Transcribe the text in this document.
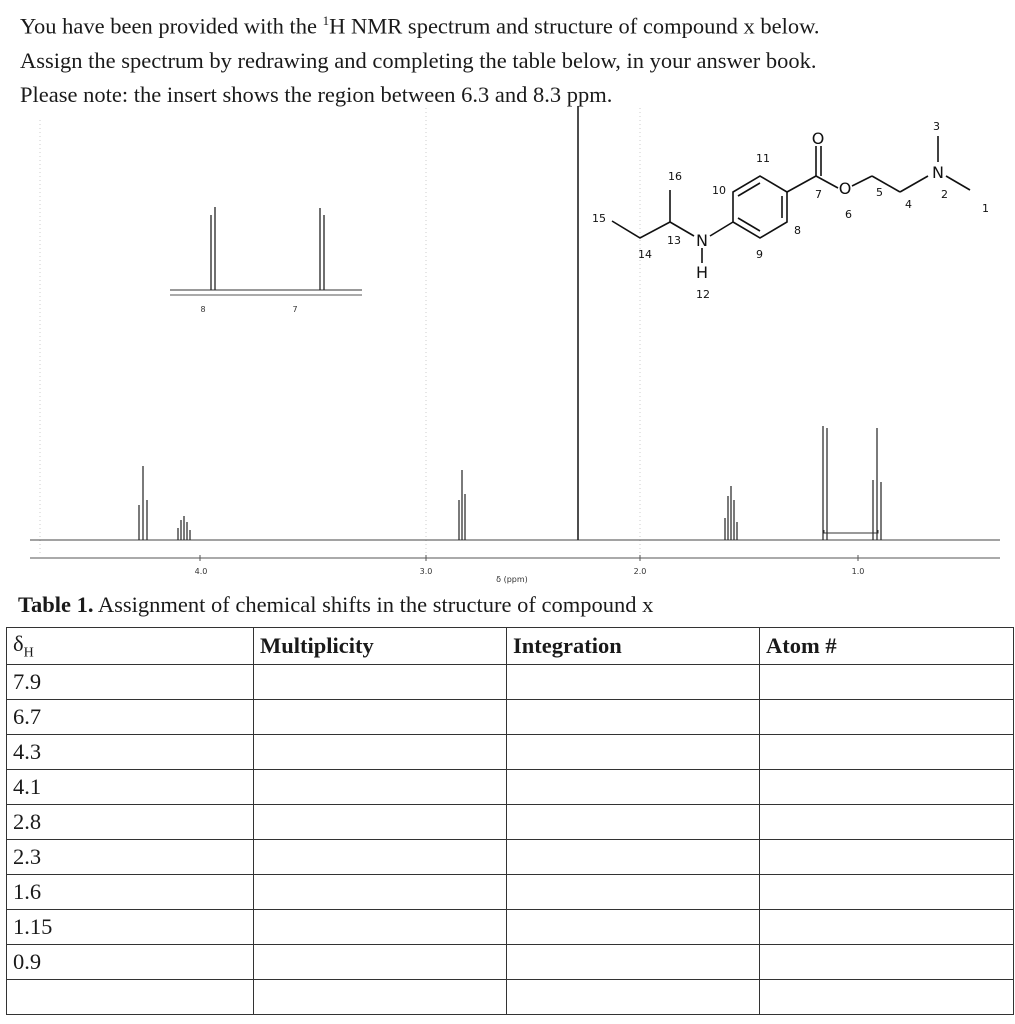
You have been provided with the $^1$H NMR spectrum and structure of compound x below.

Assign the spectrum by redrawing and completing the table below, in your answer book.

Please note: the insert shows the region between 6.3 and 8.3 ppm.

4.0	3.0	2.0	1.0
δ (ppm)
8	7
N
H
O
O
N
1
2
3
4
5
6
7
8
9
10
11
12
13
14
15
16
Table 1. Assignment of chemical shifts in the structure of compound x
$\delta_H$	Multiplicity	Integration	Atom #
7.9			
6.7			
4.3			
4.1			
2.8			
2.3			
1.6			
1.15			
0.9			
